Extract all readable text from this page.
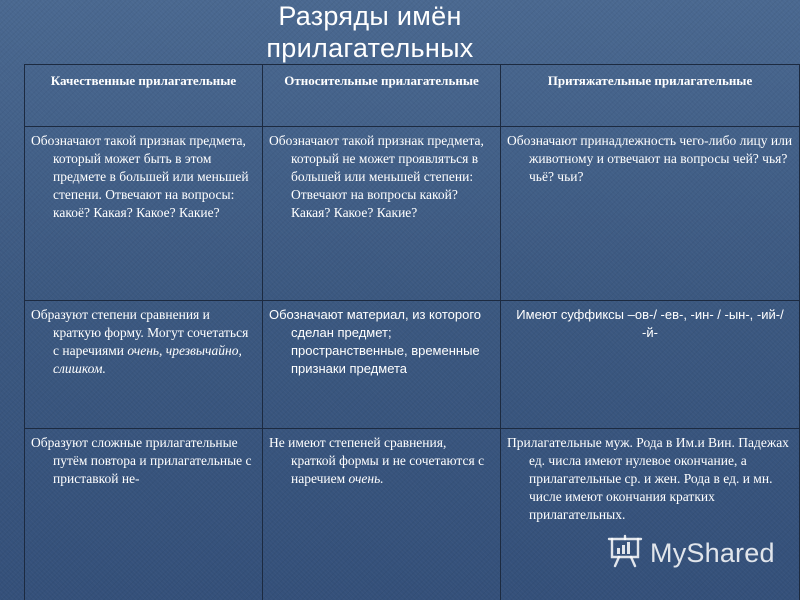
Разряды имён
прилагательных
Качественные прилагательные	Относительные прилагательные	Притяжательные прилагательные

Обозначают такой признак предмета, который может быть в этом предмете в большей или меньшей степени. Отвечают на вопросы: какоё? Какая? Какое? Какие?	Обозначают такой признак предмета, который не может проявляться в большей или меньшей степени: Отвечают на вопросы какой? Какая? Какое? Какие?	Обозначают принадлежность чего-либо лицу или животному и отвечают на вопросы чей? чья? чьё? чьи?

Образуют степени сравнения и краткую форму. Могут сочетаться с наречиями очень, чрезвычайно, слишком.	Обозначают материал, из которого сделан предмет; пространственные, временные признаки предмета	Имеют суффиксы –ов-/ -ев-, -ин- / -ын-, -ий-/ -й-

Образуют сложные прилагательные путём повтора и прилагательные с приставкой не-	Не имеют степеней сравнения, краткой формы и не сочетаются с наречием очень.	Прилагательные муж. Рода в Им.и Вин. Падежах ед. числа имеют нулевое окончание, а прилагательные ср. и жен. Рода в ед. и мн. числе имеют окончания кратких прилагательных.
MyShared
